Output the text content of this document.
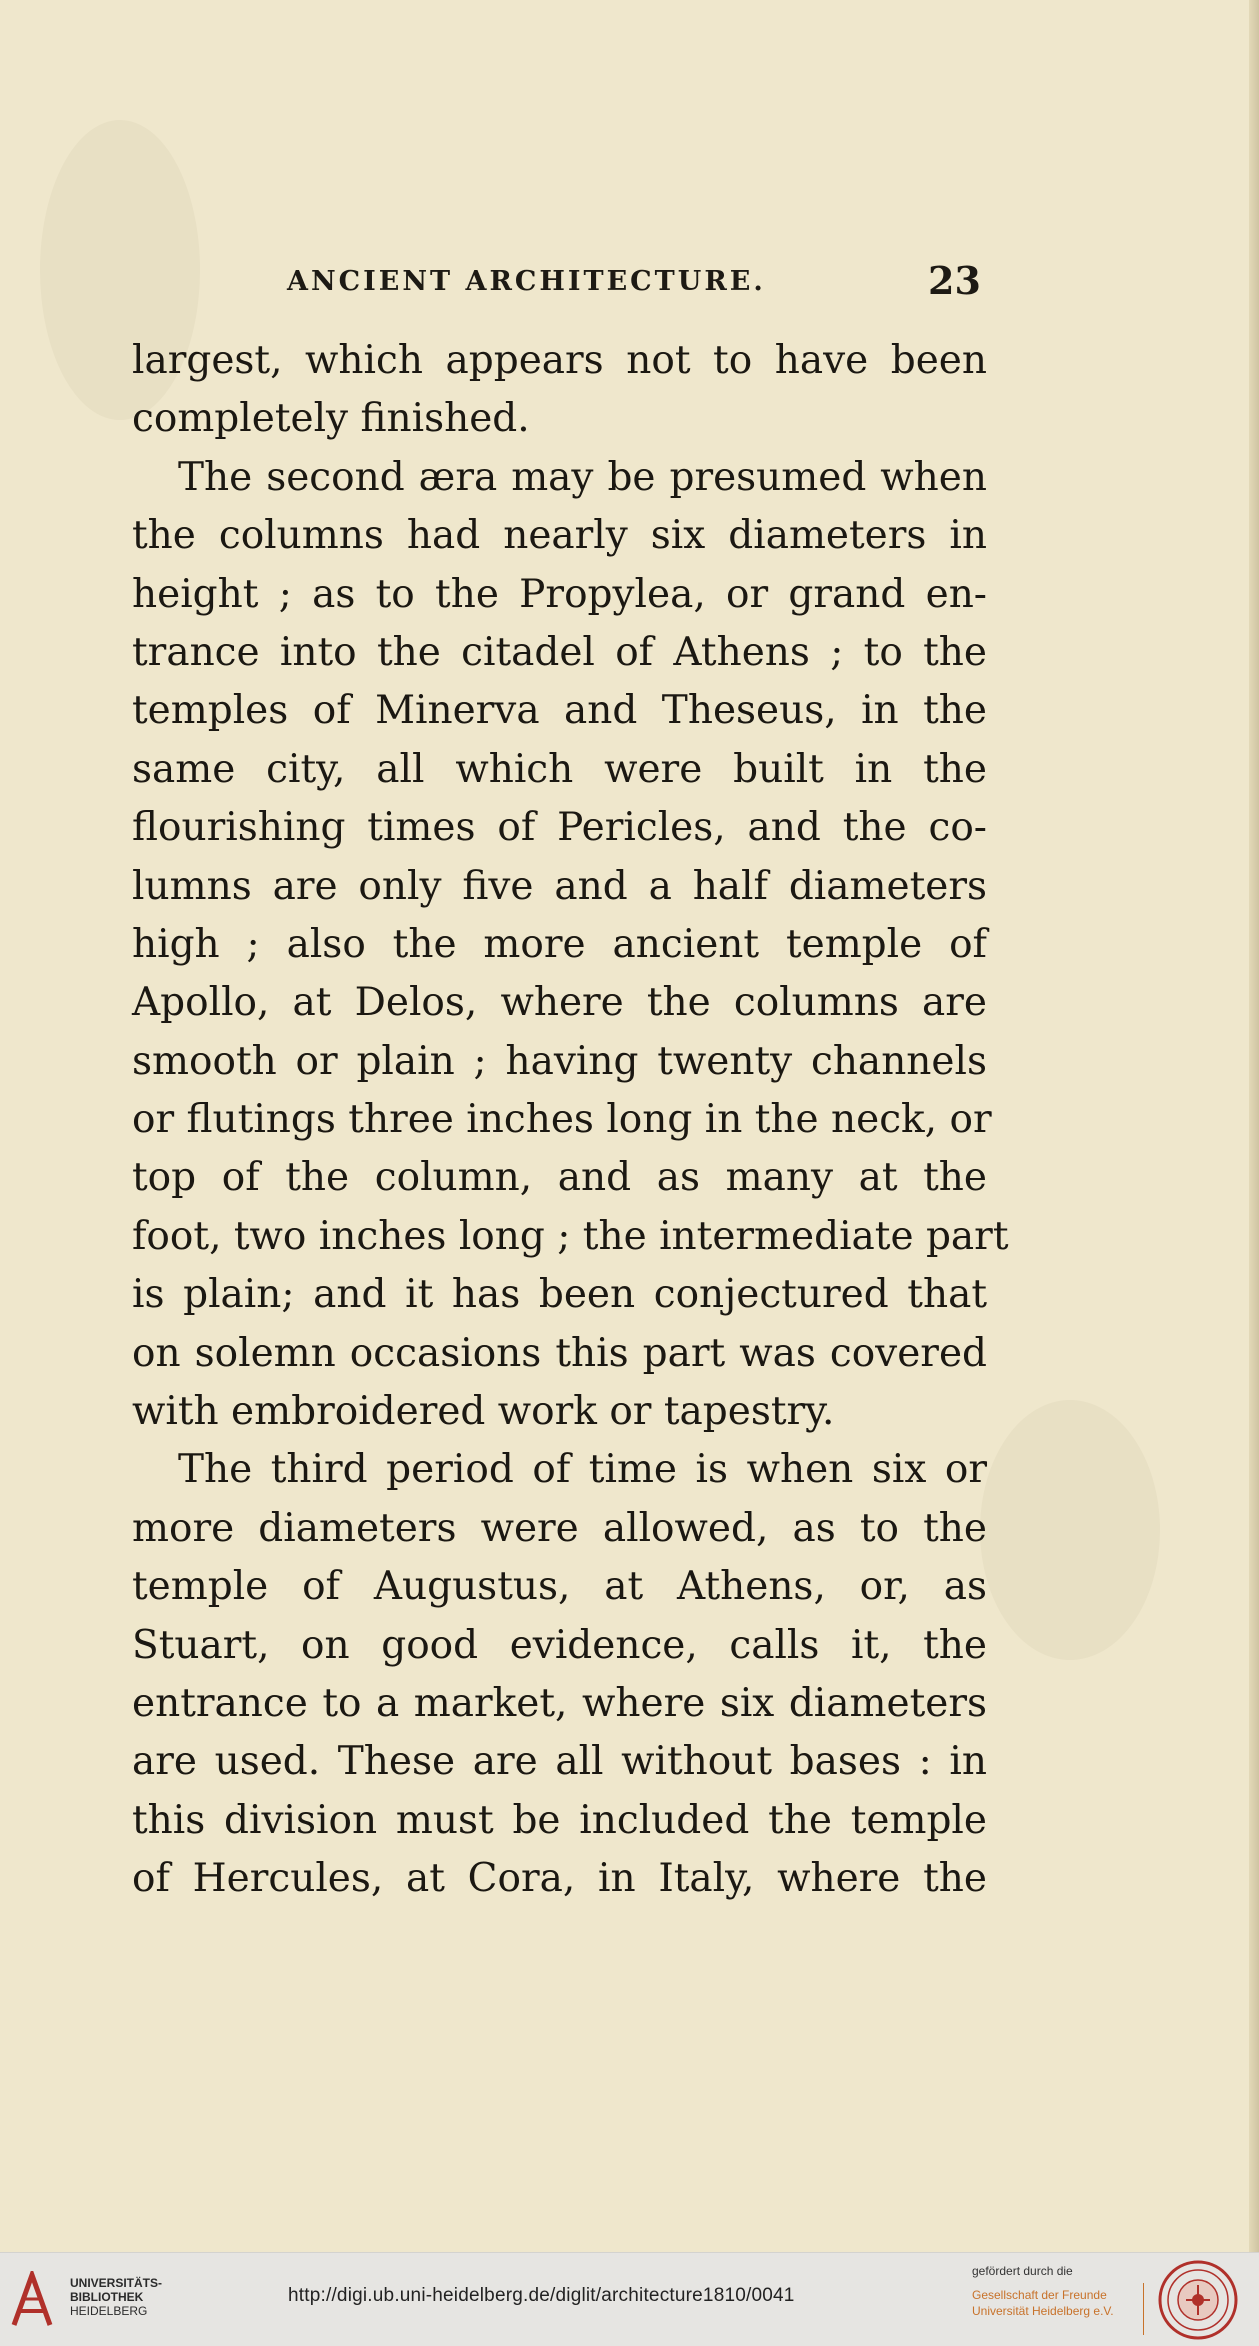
ANCIENT ARCHITECTURE.	23
largest, which appears not to have been
completely finished.
The second æra may be presumed when
the columns had nearly six diameters in
height ; as to the Propylea, or grand en-
trance into the citadel of Athens ; to the
temples of Minerva and Theseus, in the
same city, all which were built in the
flourishing times of Pericles, and the co-
lumns are only five and a half diameters
high ; also the more ancient temple of
Apollo, at Delos, where the columns are
smooth or plain ; having twenty channels
or flutings three inches long in the neck, or
top of the column, and as many at the
foot, two inches long ; the intermediate part
is plain; and it has been conjectured that
on solemn occasions this part was covered
with embroidered work or tapestry.
The third period of time is when six or
more diameters were allowed, as to the
temple of Augustus, at Athens, or, as
Stuart, on good evidence, calls it, the
entrance to a market, where six diameters
are used. These are all without bases : in
this division must be included the temple
of Hercules, at Cora, in Italy, where the
UNIVERSITÄTS-
BIBLIOTHEK
HEIDELBERG
http://digi.ub.uni-heidelberg.de/diglit/architecture1810/0041
gefördert durch die
Gesellschaft der Freunde
Universität Heidelberg e.V.
